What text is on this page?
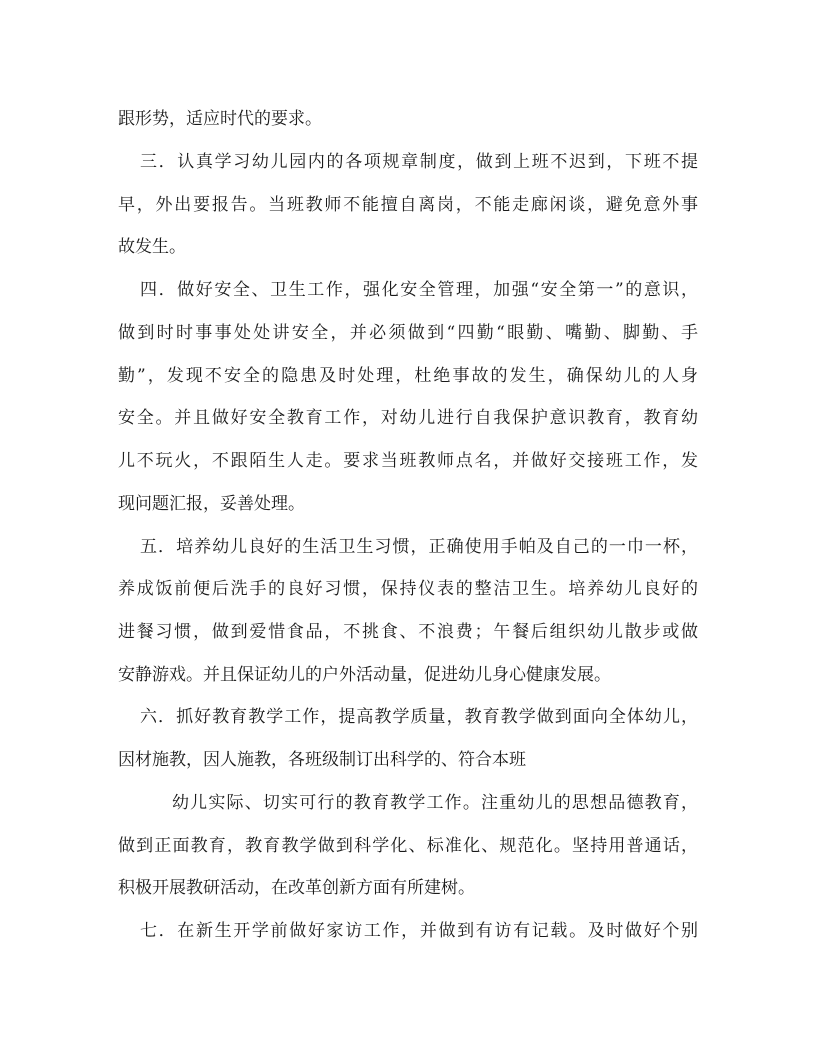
跟形势，适应时代的要求。
三．认真学习幼儿园内的各项规章制度，做到上班不迟到，下班不提
早，外出要报告。当班教师不能擅自离岗，不能走廊闲谈，避免意外事
故发生。
四．做好安全、卫生工作，强化安全管理，加强“安全第一”的意识，
做到时时事事处处讲安全，并必须做到“四勤“眼勤、嘴勤、脚勤、手
勤”，发现不安全的隐患及时处理，杜绝事故的发生，确保幼儿的人身
安全。并且做好安全教育工作，对幼儿进行自我保护意识教育，教育幼
儿不玩火，不跟陌生人走。要求当班教师点名，并做好交接班工作，发
现问题汇报，妥善处理。
五．培养幼儿良好的生活卫生习惯，正确使用手帕及自己的一巾一杯，
养成饭前便后洗手的良好习惯，保持仪表的整洁卫生。培养幼儿良好的
进餐习惯，做到爱惜食品，不挑食、不浪费；午餐后组织幼儿散步或做
安静游戏。并且保证幼儿的户外活动量，促进幼儿身心健康发展。
六．抓好教育教学工作，提高教学质量，教育教学做到面向全体幼儿，
因材施教，因人施教，各班级制订出科学的、符合本班
幼儿实际、切实可行的教育教学工作。注重幼儿的思想品德教育，
做到正面教育，教育教学做到科学化、标准化、规范化。坚持用普通话，
积极开展教研活动，在改革创新方面有所建树。
七．在新生开学前做好家访工作，并做到有访有记载。及时做好个别
